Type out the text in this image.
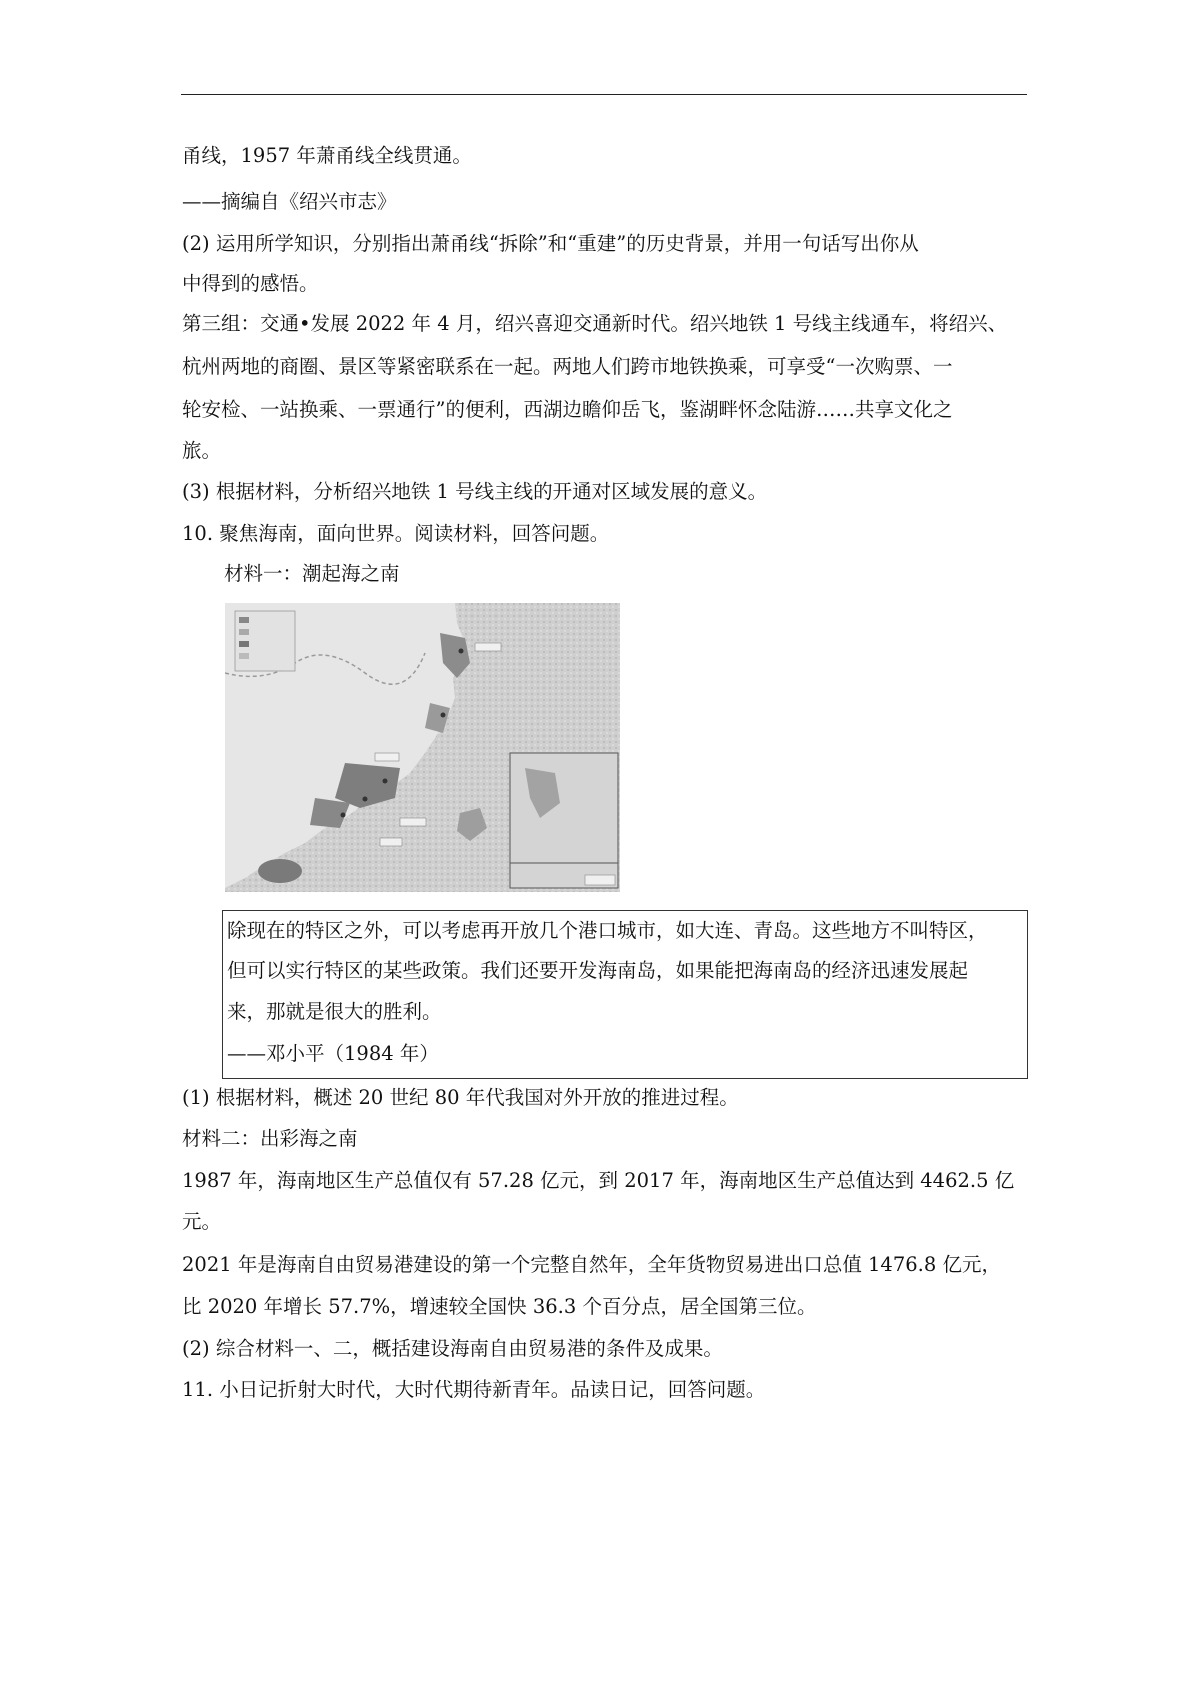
甬线，1957 年萧甬线全线贯通。
——摘编自《绍兴市志》
(2) 运用所学知识，分别指出萧甬线“拆除”和“重建”的历史背景，并用一句话写出你从
中得到的感悟。
第三组：交通•发展 2022 年 4 月，绍兴喜迎交通新时代。绍兴地铁 1 号线主线通车，将绍兴、
杭州两地的商圈、景区等紧密联系在一起。两地人们跨市地铁换乘，可享受“一次购票、一
轮安检、一站换乘、一票通行”的便利，西湖边瞻仰岳飞，鉴湖畔怀念陆游……共享文化之
旅。
(3) 根据材料，分析绍兴地铁 1 号线主线的开通对区域发展的意义。
10. 聚焦海南，面向世界。阅读材料，回答问题。
材料一：潮起海之南
除现在的特区之外，可以考虑再开放几个港口城市，如大连、青岛。这些地方不叫特区，
但可以实行特区的某些政策。我们还要开发海南岛，如果能把海南岛的经济迅速发展起
来，那就是很大的胜利。
——邓小平（1984 年）
(1) 根据材料，概述 20 世纪 80 年代我国对外开放的推进过程。
材料二：出彩海之南
1987 年，海南地区生产总值仅有 57.28 亿元，到 2017 年，海南地区生产总值达到 4462.5 亿
元。
2021 年是海南自由贸易港建设的第一个完整自然年，全年货物贸易进出口总值 1476.8 亿元，
比 2020 年增长 57.7%，增速较全国快 36.3 个百分点，居全国第三位。
(2) 综合材料一、二，概括建设海南自由贸易港的条件及成果。
11. 小日记折射大时代，大时代期待新青年。品读日记，回答问题。
